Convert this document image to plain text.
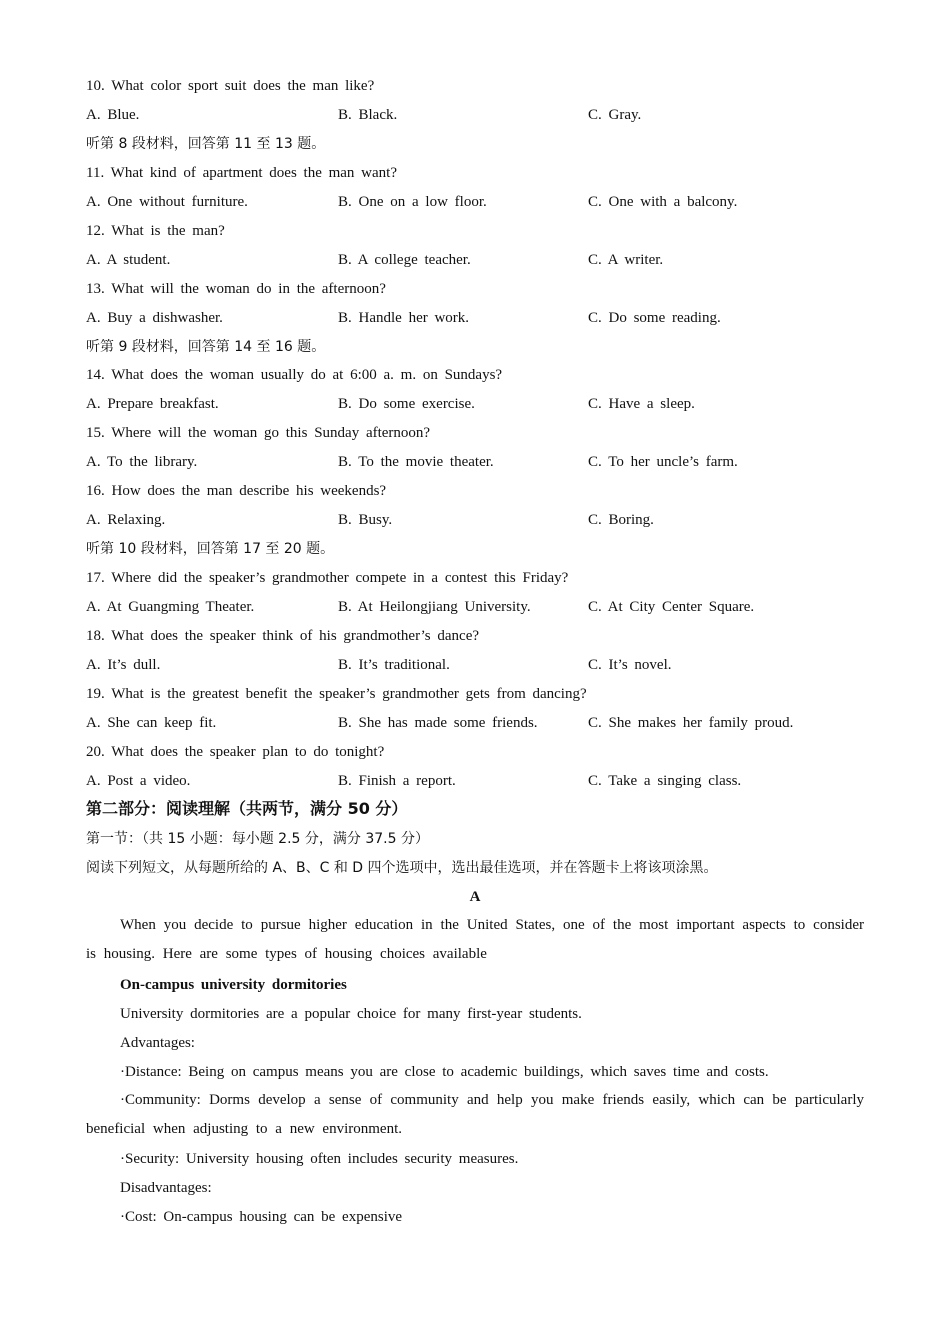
10. What color sport suit does the man like?
A. Blue.	B. Black.	C. Gray.
听第 8 段材料，回答第 11 至 13 题。
11. What kind of apartment does the man want?
A. One without furniture.	B. One on a low floor.	C. One with a balcony.
12. What is the man?
A. A student.	B. A college teacher.	C. A writer.
13. What will the woman do in the afternoon?
A. Buy a dishwasher.	B. Handle her work.	C. Do some reading.
听第 9 段材料，回答第 14 至 16 题。
14. What does the woman usually do at 6:00 a. m. on Sundays?
A. Prepare breakfast.	B. Do some exercise.	C. Have a sleep.
15. Where will the woman go this Sunday afternoon?
A. To the library.	B. To the movie theater.	C. To her uncle’s farm.
16. How does the man describe his weekends?
A. Relaxing.	B. Busy.	C. Boring.
听第 10 段材料，回答第 17 至 20 题。
17. Where did the speaker’s grandmother compete in a contest this Friday?
A. At Guangming Theater.	B. At Heilongjiang University.	C. At City Center Square.
18. What does the speaker think of his grandmother’s dance?
A. It’s dull.	B. It’s traditional.	C. It’s novel.
19. What is the greatest benefit the speaker’s grandmother gets from dancing?
A. She can keep fit.	B. She has made some friends.	C. She makes her family proud.
20. What does the speaker plan to do tonight?
A. Post a video.	B. Finish a report.	C. Take a singing class.
第二部分：阅读理解（共两节，满分 50 分）
第一节：（共 15 小题：每小题 2.5 分，满分 37.5 分）
阅读下列短文，从每题所给的 A、B、C 和 D 四个选项中，选出最佳选项，并在答题卡上将该项涂黑。
A
When you decide to pursue higher education in the United States, one of the most important aspects to consider is housing. Here are some types of housing choices available
On-campus university dormitories
University dormitories are a popular choice for many first-year students.
Advantages:
·Distance: Being on campus means you are close to academic buildings, which saves time and costs.
·Community: Dorms develop a sense of community and help you make friends easily, which can be particularly beneficial when adjusting to a new environment.
·Security: University housing often includes security measures.
Disadvantages:
·Cost: On-campus housing can be expensive
